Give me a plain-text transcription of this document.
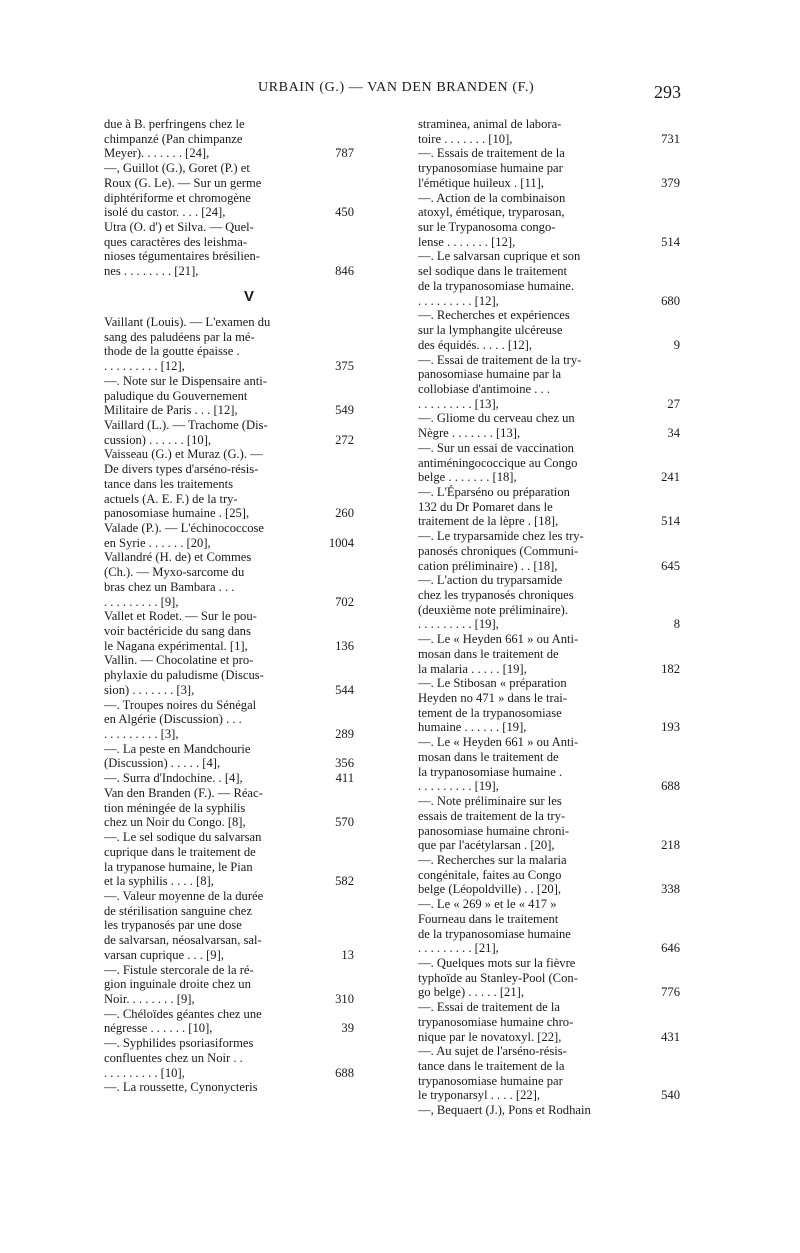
URBAIN (G.) — VAN DEN BRANDEN (F.)	293
due à B. perfringens chez le
chimpanzé (Pan chimpanze
Meyer). . . . . . . [24],	787
—, Guillot (G.), Goret (P.) et
Roux (G. Le). — Sur un germe
diphtériforme et chromogène
isolé du castor. . . . [24],	450
Utra (O. d') et Silva. — Quel-
ques caractères des leishma-
nioses tégumentaires brésilien-
nes . . . . . . . . [21],	846
V
Vaillant (Louis). — L'examen du
sang des paludéens par la mé-
thode de la goutte épaisse .
. . . . . . . . . [12],	375
—. Note sur le Dispensaire anti-
paludique du Gouvernement
Militaire de Paris . . . [12],	549
Vaillard (L.). — Trachome (Dis-
cussion) . . . . . . [10],	272
Vaisseau (G.) et Muraz (G.). —
De divers types d'arséno-résis-
tance dans les traitements
actuels (A. E. F.) de la try-
panosomiase humaine . [25],	260
Valade (P.). — L'échinococcose
en Syrie . . . . . . [20],	1004
Vallandré (H. de) et Commes
(Ch.). — Myxo-sarcome du
bras chez un Bambara . . .
. . . . . . . . . [9],	702
Vallet et Rodet. — Sur le pou-
voir bactéricide du sang dans
le Nagana expérimental. [1],	136
Vallin. — Chocolatine et pro-
phylaxie du paludisme (Discus-
sion) . . . . . . . [3],	544
—. Troupes noires du Sénégal
en Algérie (Discussion) . . .
. . . . . . . . . [3],	289
—. La peste en Mandchourie
(Discussion) . . . . . [4],	356
—. Surra d'Indochine. . [4],	411
Van den Branden (F.). — Réac-
tion méningée de la syphilis
chez un Noir du Congo. [8],	570
—. Le sel sodique du salvarsan
cuprique dans le traitement de
la trypanose humaine, le Pian
et la syphilis . . . . [8],	582
—. Valeur moyenne de la durée
de stérilisation sanguine chez
les trypanosés par une dose
de salvarsan, néosalvarsan, sal-
varsan cuprique . . . [9],	13
—. Fistule stercorale de la ré-
gion inguinale droite chez un
Noir. . . . . . . . [9],	310
—. Chéloïdes géantes chez une
négresse . . . . . . [10],	39
—. Syphilides psoriasiformes
confluentes chez un Noir . .
. . . . . . . . . [10],	688
—. La roussette, Cynonycteris
straminea, animal de labora-
toire . . . . . . . [10],	731
—. Essais de traitement de la
trypanosomiase humaine par
l'émétique huileux . [11],	379
—. Action de la combinaison
atoxyl, émétique, tryparosan,
sur le Trypanosoma congo-
lense . . . . . . . [12],	514
—. Le salvarsan cuprique et son
sel sodique dans le traitement
de la trypanosomiase humaine.
. . . . . . . . . [12],	680
—. Recherches et expériences
sur la lymphangite ulcéreuse
des équidés. . . . . [12],	9
—. Essai de traitement de la try-
panosomiase humaine par la
collobiase d'antimoine . . .
. . . . . . . . . [13],	27
—. Gliome du cerveau chez un
Nègre . . . . . . . [13],	34
—. Sur un essai de vaccination
antiméningococcique au Congo
belge . . . . . . . [18],	241
—. L'Éparséno ou préparation
132 du Dr Pomaret dans le
traitement de la lèpre . [18],	514
—. Le tryparsamide chez les try-
panosés chroniques (Communi-
cation préliminaire) . . [18],	645
—. L'action du tryparsamide
chez les trypanosés chroniques
(deuxième note préliminaire).
. . . . . . . . . [19],	8
—. Le « Heyden 661 » ou Anti-
mosan dans le traitement de
la malaria . . . . . [19],	182
—. Le Stibosan « préparation
Heyden no 471 » dans le trai-
tement de la trypanosomiase
humaine . . . . . . [19],	193
—. Le « Heyden 661 » ou Anti-
mosan dans le traitement de
la trypanosomiase humaine .
. . . . . . . . . [19],	688
—. Note préliminaire sur les
essais de traitement de la try-
panosomiase humaine chroni-
que par l'acétylarsan . [20],	218
—. Recherches sur la malaria
congénitale, faites au Congo
belge (Léopoldville) . . [20],	338
—. Le « 269 » et le « 417 »
Fourneau dans le traitement
de la trypanosomiase humaine
. . . . . . . . . [21],	646
—. Quelques mots sur la fièvre
typhoïde au Stanley-Pool (Con-
go belge) . . . . . [21],	776
—. Essai de traitement de la
trypanosomiase humaine chro-
nique par le novatoxyl. [22],	431
—. Au sujet de l'arséno-résis-
tance dans le traitement de la
trypanosomiase humaine par
le tryponarsyl . . . . [22],	540
—, Bequaert (J.), Pons et Rodhain
